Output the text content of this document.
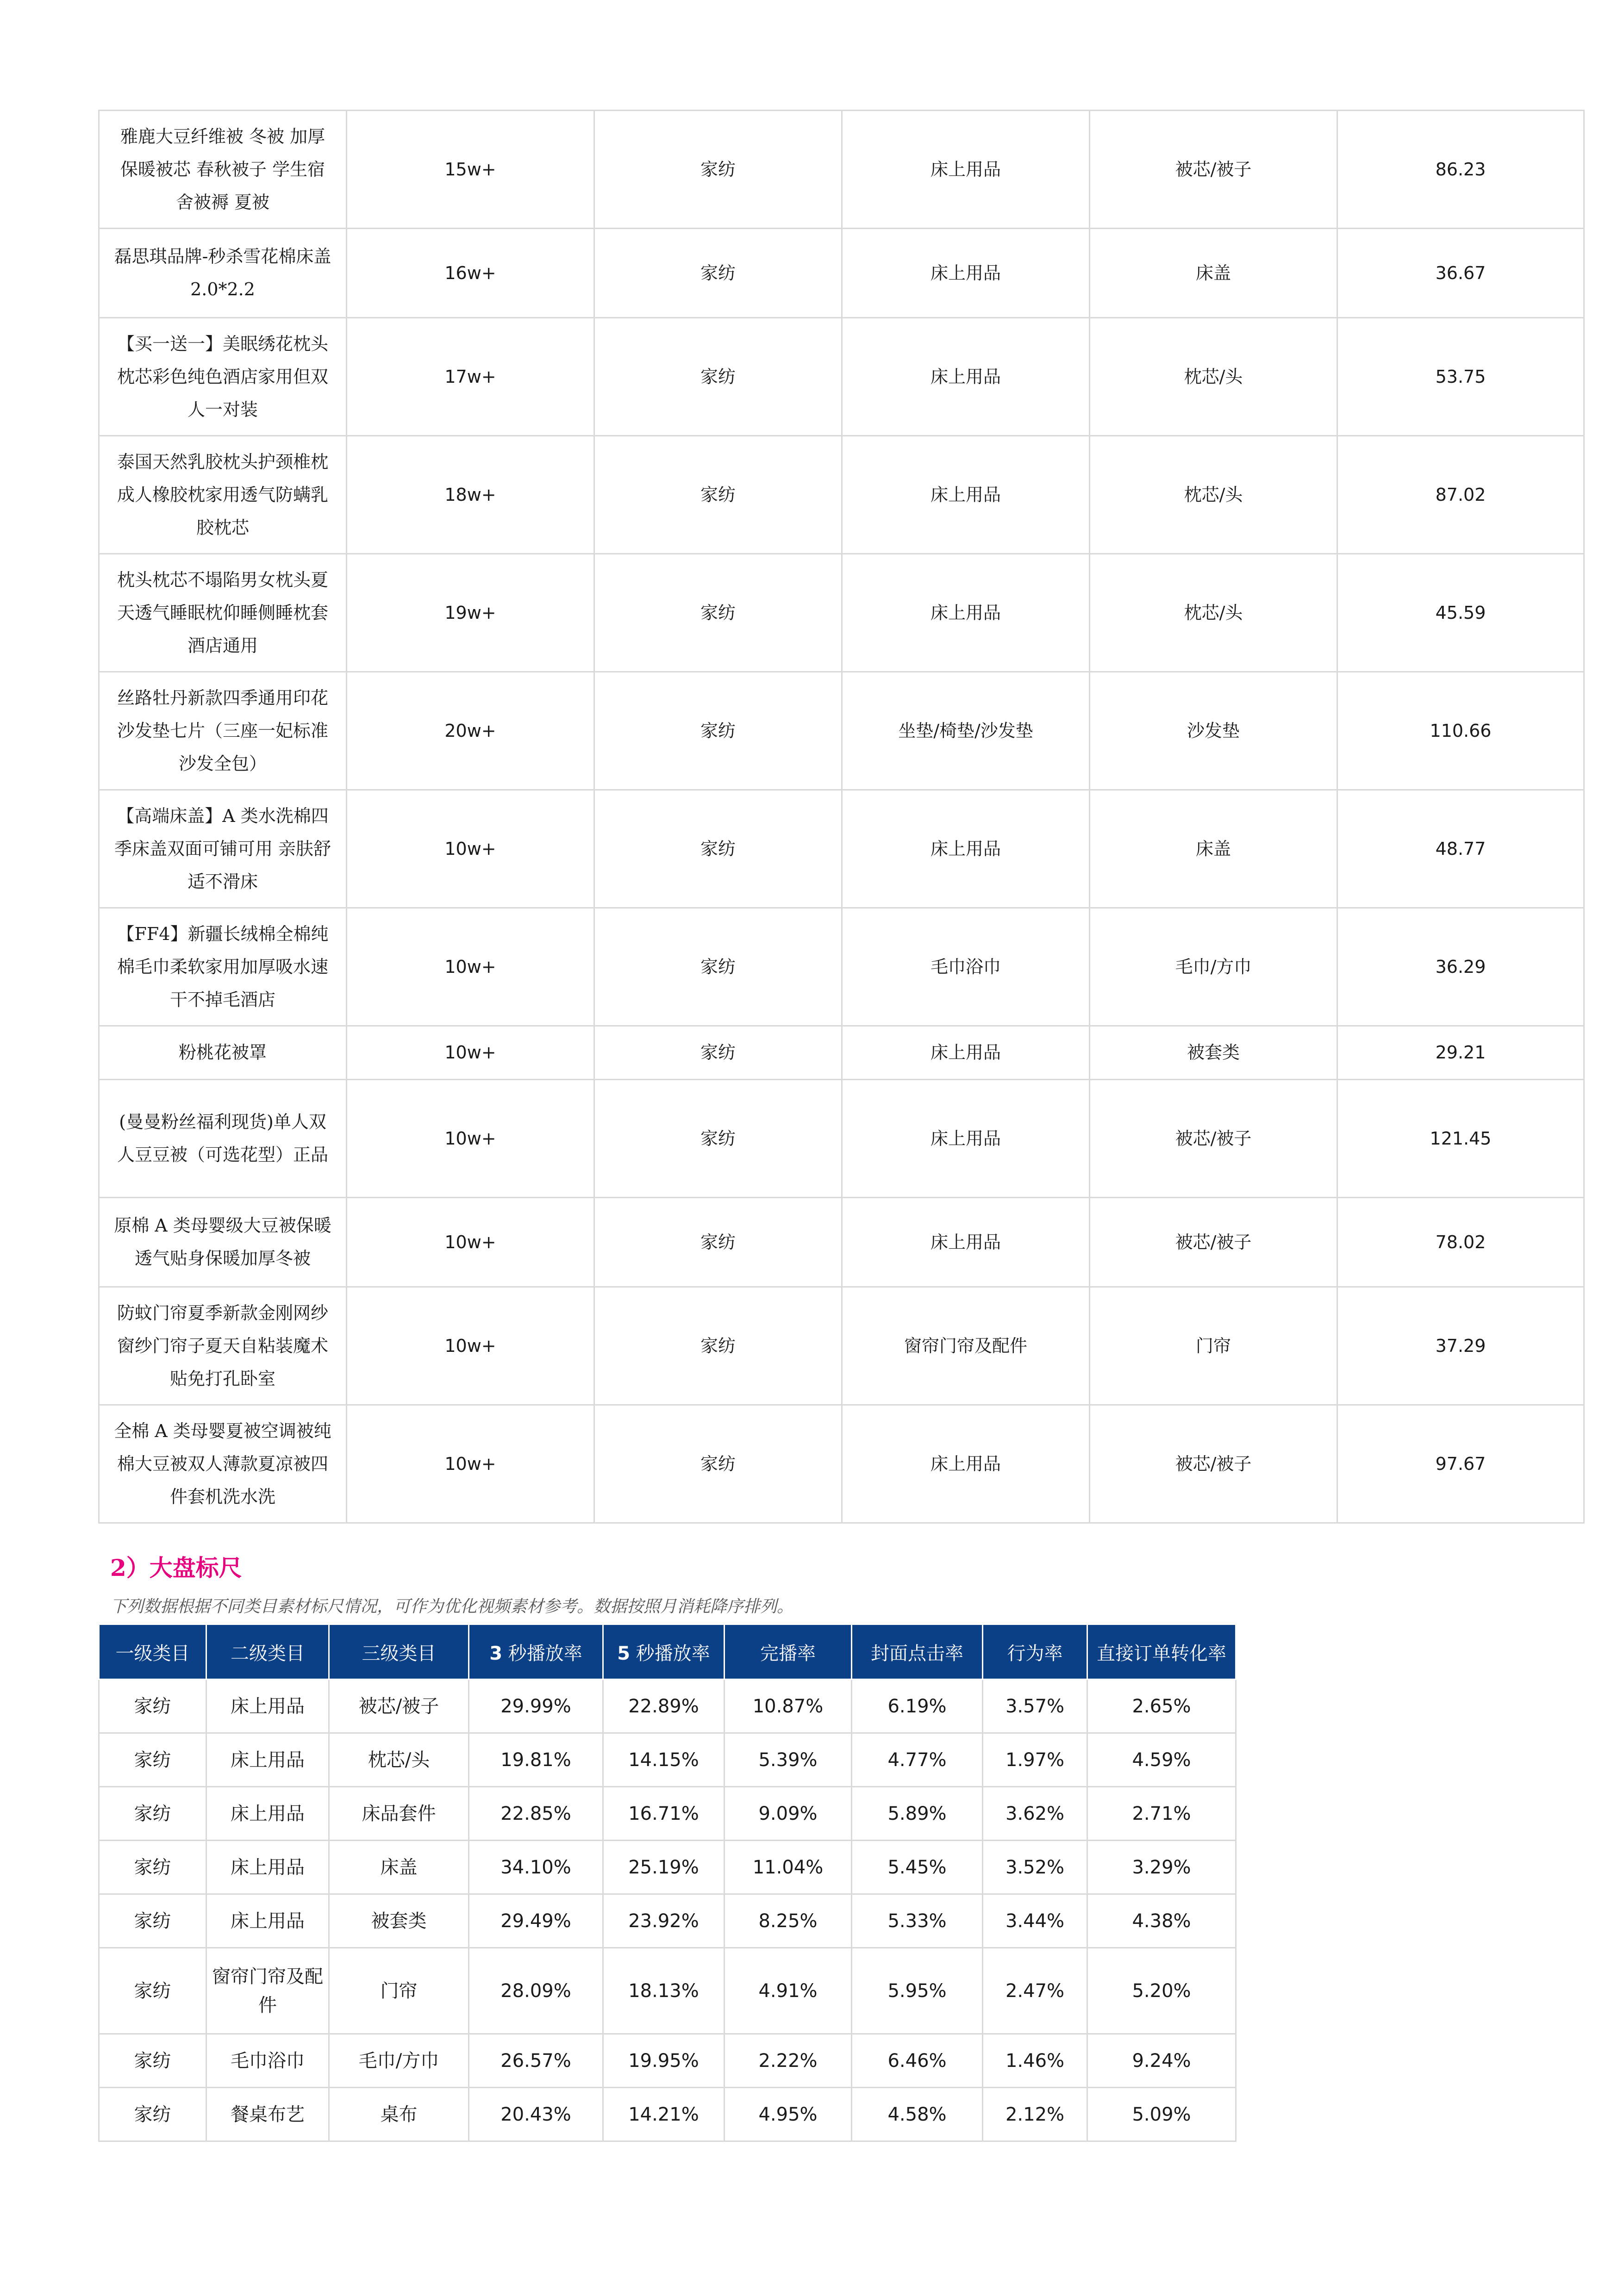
雅鹿大豆纤维被 冬被 加厚保暖被芯 春秋被子 学生宿舍被褥 夏被	15w+	家纺	床上用品	被芯/被子	86.23
磊思琪品牌-秒杀雪花棉床盖 2.0*2.2	16w+	家纺	床上用品	床盖	36.67
【买一送一】美眠绣花枕头枕芯彩色纯色酒店家用但双人一对装	17w+	家纺	床上用品	枕芯/头	53.75
泰国天然乳胶枕头护颈椎枕成人橡胶枕家用透气防螨乳胶枕芯	18w+	家纺	床上用品	枕芯/头	87.02
枕头枕芯不塌陷男女枕头夏天透气睡眠枕仰睡侧睡枕套酒店通用	19w+	家纺	床上用品	枕芯/头	45.59
丝路牡丹新款四季通用印花沙发垫七片（三座一妃标准沙发全包）	20w+	家纺	坐垫/椅垫/沙发垫	沙发垫	110.66
【高端床盖】A 类水洗棉四季床盖双面可铺可用 亲肤舒适不滑床	10w+	家纺	床上用品	床盖	48.77
【FF4】新疆长绒棉全棉纯棉毛巾柔软家用加厚吸水速干不掉毛酒店	10w+	家纺	毛巾浴巾	毛巾/方巾	36.29
粉桃花被罩	10w+	家纺	床上用品	被套类	29.21
(曼曼粉丝福利现货)单人双人豆豆被（可选花型）正品	10w+	家纺	床上用品	被芯/被子	121.45
原棉 A 类母婴级大豆被保暖透气贴身保暖加厚冬被	10w+	家纺	床上用品	被芯/被子	78.02
防蚊门帘夏季新款金刚网纱窗纱门帘子夏天自粘装魔术贴免打孔卧室	10w+	家纺	窗帘门帘及配件	门帘	37.29
全棉 A 类母婴夏被空调被纯棉大豆被双人薄款夏凉被四件套机洗水洗	10w+	家纺	床上用品	被芯/被子	97.67
2）大盘标尺
下列数据根据不同类目素材标尺情况，可作为优化视频素材参考。数据按照月消耗降序排列。
一级类目	二级类目	三级类目	3 秒播放率	5 秒播放率	完播率	封面点击率	行为率	直接订单转化率
家纺	床上用品	被芯/被子	29.99%	22.89%	10.87%	6.19%	3.57%	2.65%
家纺	床上用品	枕芯/头	19.81%	14.15%	5.39%	4.77%	1.97%	4.59%
家纺	床上用品	床品套件	22.85%	16.71%	9.09%	5.89%	3.62%	2.71%
家纺	床上用品	床盖	34.10%	25.19%	11.04%	5.45%	3.52%	3.29%
家纺	床上用品	被套类	29.49%	23.92%	8.25%	5.33%	3.44%	4.38%
家纺	窗帘门帘及配件	门帘	28.09%	18.13%	4.91%	5.95%	2.47%	5.20%
家纺	毛巾浴巾	毛巾/方巾	26.57%	19.95%	2.22%	6.46%	1.46%	9.24%
家纺	餐桌布艺	桌布	20.43%	14.21%	4.95%	4.58%	2.12%	5.09%
